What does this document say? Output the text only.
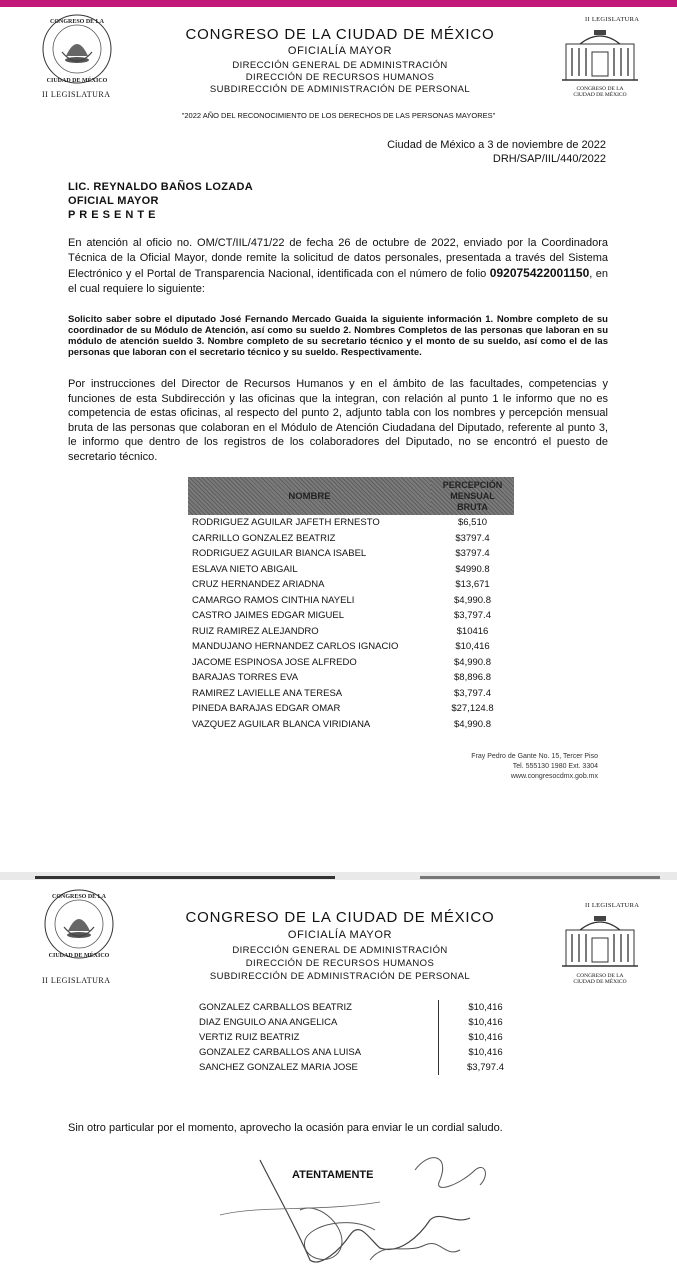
CONGRESO DE LA
CIUDAD DE MÉXICO
II LEGISLATURA
CONGRESO DE LA CIUDAD DE MÉXICO
OFICIALÍA MAYOR
DIRECCIÓN GENERAL DE ADMINISTRACIÓN
DIRECCIÓN DE RECURSOS HUMANOS
SUBDIRECCIÓN DE ADMINISTRACIÓN DE PERSONAL
II LEGISLATURA
CONGRESO DE LA
CIUDAD DE MÉXICO
"2022 AÑO DEL RECONOCIMIENTO DE LOS DERECHOS DE LAS PERSONAS MAYORES"
Ciudad de México a 3 de noviembre de 2022
DRH/SAP/IIL/440/2022
LIC. REYNALDO BAÑOS LOZADA
OFICIAL MAYOR
P R E S E N T E
En atención al oficio no. OM/CT/IIL/471/22 de fecha 26 de octubre de 2022, enviado por la Coordinadora Técnica de la Oficial Mayor, donde remite la solicitud de datos personales, presentada a través del Sistema Electrónico y el Portal de Transparencia Nacional, identificada con el número de folio 092075422001150, en el cual requiere lo siguiente:
Solicito saber sobre el diputado José Fernando Mercado Guaida la siguiente información 1. Nombre completo de su coordinador de su Módulo de Atención, así como su sueldo 2. Nombres Completos de las personas que laboran en su módulo de atención sueldo 3. Nombre completo de su secretario técnico y el monto de su sueldo, así como el de las personas que laboran con el secretario técnico y su sueldo. Respectivamente.
Por instrucciones del Director de Recursos Humanos y en el ámbito de las facultades, competencias y funciones de esta Subdirección y las oficinas que la integran, con relación al punto 1 le informo que no es competencia de estas oficinas, al respecto del punto 2, adjunto tabla con los nombres y percepción mensual bruta de las personas que colaboran en el Módulo de Atención Ciudadana del Diputado, referente al punto 3, le informo que dentro de los registros de los colaboradores del Diputado, no se encontró el puesto de secretario técnico.
NOMBRE	PERCEPCIÓN MENSUAL BRUTA
RODRIGUEZ AGUILAR JAFETH ERNESTO	$6,510
CARRILLO GONZALEZ BEATRIZ	$3797.4
RODRIGUEZ AGUILAR BIANCA ISABEL	$3797.4
ESLAVA NIETO ABIGAIL	$4990.8
CRUZ HERNANDEZ ARIADNA	$13,671
CAMARGO RAMOS CINTHIA NAYELI	$4,990.8
CASTRO JAIMES EDGAR MIGUEL	$3,797.4
RUIZ RAMIREZ ALEJANDRO	$10416
MANDUJANO HERNANDEZ CARLOS IGNACIO	$10,416
JACOME ESPINOSA JOSE ALFREDO	$4,990.8
BARAJAS TORRES EVA	$8,896.8
RAMIREZ LAVIELLE ANA TERESA	$3,797.4
PINEDA BARAJAS EDGAR OMAR	$27,124.8
VAZQUEZ AGUILAR BLANCA VIRIDIANA	$4,990.8
Fray Pedro de Gante No. 15, Tercer Piso
Tel. 555130 1980 Ext. 3304
www.congresocdmx.gob.mx
CONGRESO DE LA
CIUDAD DE MÉXICO
II LEGISLATURA
CONGRESO DE LA CIUDAD DE MÉXICO
OFICIALÍA MAYOR
DIRECCIÓN GENERAL DE ADMINISTRACIÓN
DIRECCIÓN DE RECURSOS HUMANOS
SUBDIRECCIÓN DE ADMINISTRACIÓN DE PERSONAL
II LEGISLATURA
CONGRESO DE LA
CIUDAD DE MÉXICO
GONZALEZ CARBALLOS BEATRIZ	$10,416
DIAZ ENGUILO ANA ANGELICA	$10,416
VERTIZ RUIZ BEATRIZ	$10,416
GONZALEZ CARBALLOS ANA LUISA	$10,416
SANCHEZ GONZALEZ MARIA JOSE	$3,797.4
Sin otro particular por el momento, aprovecho la ocasión para enviar le un cordial saludo.
ATENTAMENTE
